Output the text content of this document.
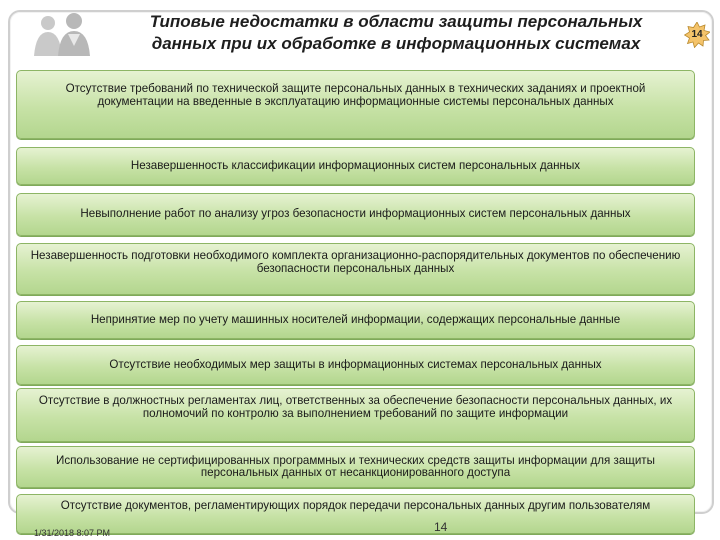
Типовые недостатки в области защиты персональных
данных при их обработке в информационных системах	14
Отсутствие требований по технической защите персональных данных в технических заданиях и проектной документации на введенные в эксплуатацию информационные системы персональных данных
Незавершенность классификации информационных систем персональных данных
Невыполнение работ по анализу угроз безопасности информационных систем персональных данных
Незавершенность подготовки необходимого комплекта организационно-распорядительных документов по обеспечению безопасности персональных данных
Непринятие мер по учету машинных носителей информации, содержащих персональные данные
Отсутствие необходимых мер защиты в информационных системах персональных данных
Отсутствие в должностных регламентах лиц, ответственных за обеспечение безопасности персональных данных, их полномочий по контролю за выполнением требований по защите информации
Использование не сертифицированных программных и технических средств защиты информации для защиты персональных данных от несанкционированного доступа
Отсутствие документов, регламентирующих порядок передачи персональных данных другим пользователям
1/31/2018 8:07 PM	14
